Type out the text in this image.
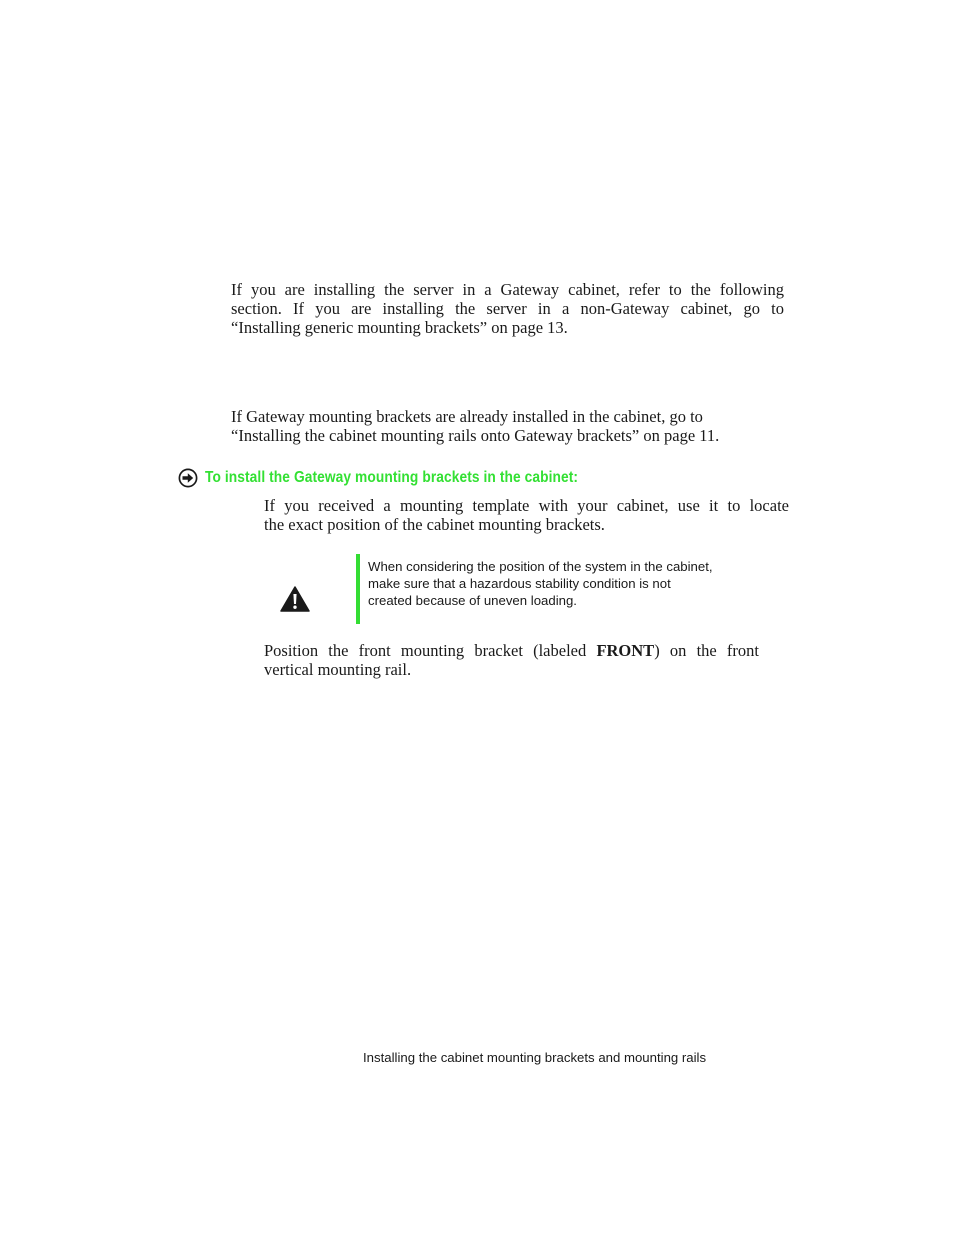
If you are installing the server in a Gateway cabinet, refer to the following
section. If you are installing the server in a non-Gateway cabinet, go to
“Installing generic mounting brackets” on page 13.
If Gateway mounting brackets are already installed in the cabinet, go to
“Installing the cabinet mounting rails onto Gateway brackets” on page 11.
To install the Gateway mounting brackets in the cabinet:
If you received a mounting template with your cabinet, use it to locate
the exact position of the cabinet mounting brackets.
When considering the position of the system in the cabinet,
make sure that a hazardous stability condition is not
created because of uneven loading.
Position the front mounting bracket (labeled FRONT) on the front
vertical mounting rail.
Installing the cabinet mounting brackets and mounting rails
